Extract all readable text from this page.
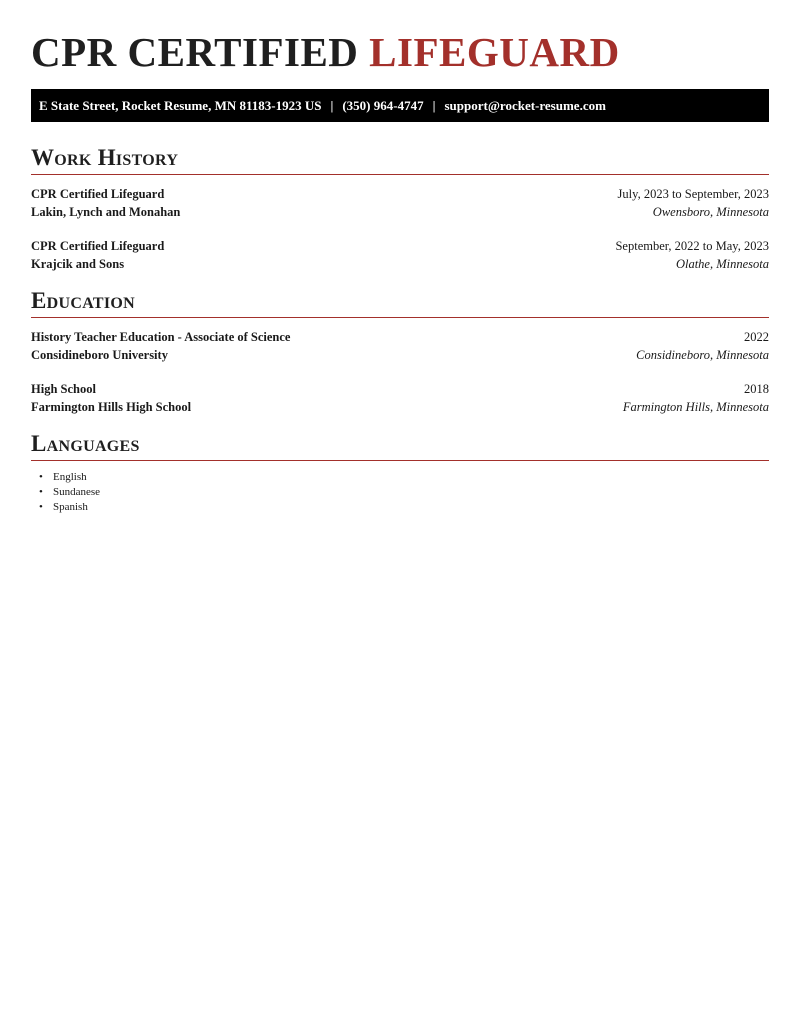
CPR CERTIFIED LIFEGUARD
E State Street, Rocket Resume, MN 81183-1923 US | (350) 964-4747 | support@rocket-resume.com
Work History
CPR Certified Lifeguard	July, 2023 to September, 2023
Lakin, Lynch and Monahan	Owensboro, Minnesota
CPR Certified Lifeguard	September, 2022 to May, 2023
Krajcik and Sons	Olathe, Minnesota
Education
History Teacher Education - Associate of Science	2022
Considineboro University	Considineboro, Minnesota
High School	2018
Farmington Hills High School	Farmington Hills, Minnesota
Languages
• English
• Sundanese
• Spanish
